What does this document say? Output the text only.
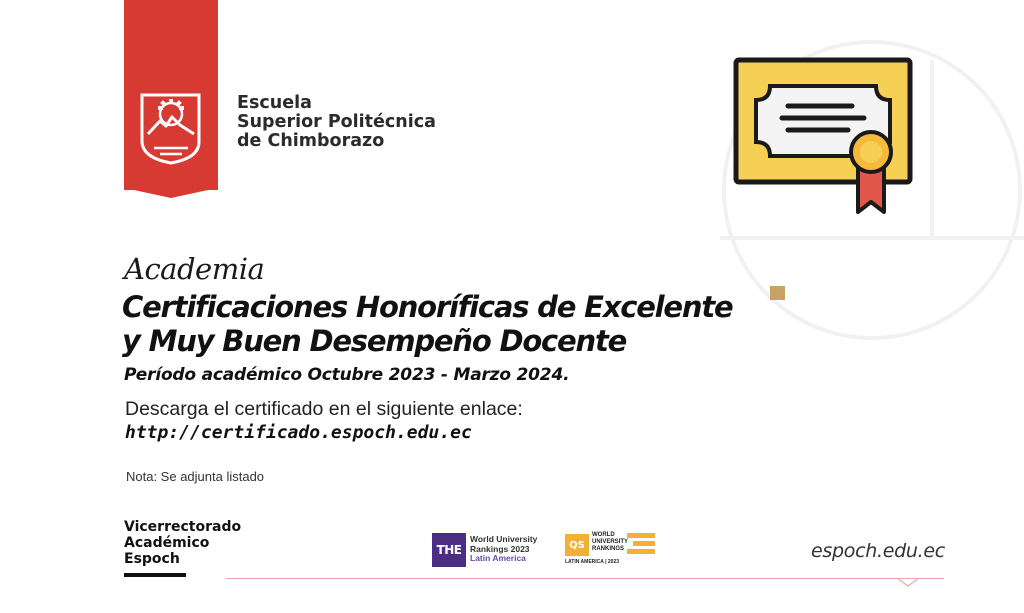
Escuela
Superior Politécnica
de Chimborazo
Academia
Certificaciones Honoríficas de Excelente
y Muy Buen Desempeño Docente
Período académico Octubre 2023 - Marzo 2024.
Descarga el certificado en el siguiente enlace:
http://certificado.espoch.edu.ec
Nota: Se adjunta listado
Vicerrectorado
Académico
Espoch
THE
World University
Rankings 2023
Latin America
QS
WORLD
UNIVERSITY
RANKINGS
LATIN AMERICA | 2023	espoch.edu.ec
